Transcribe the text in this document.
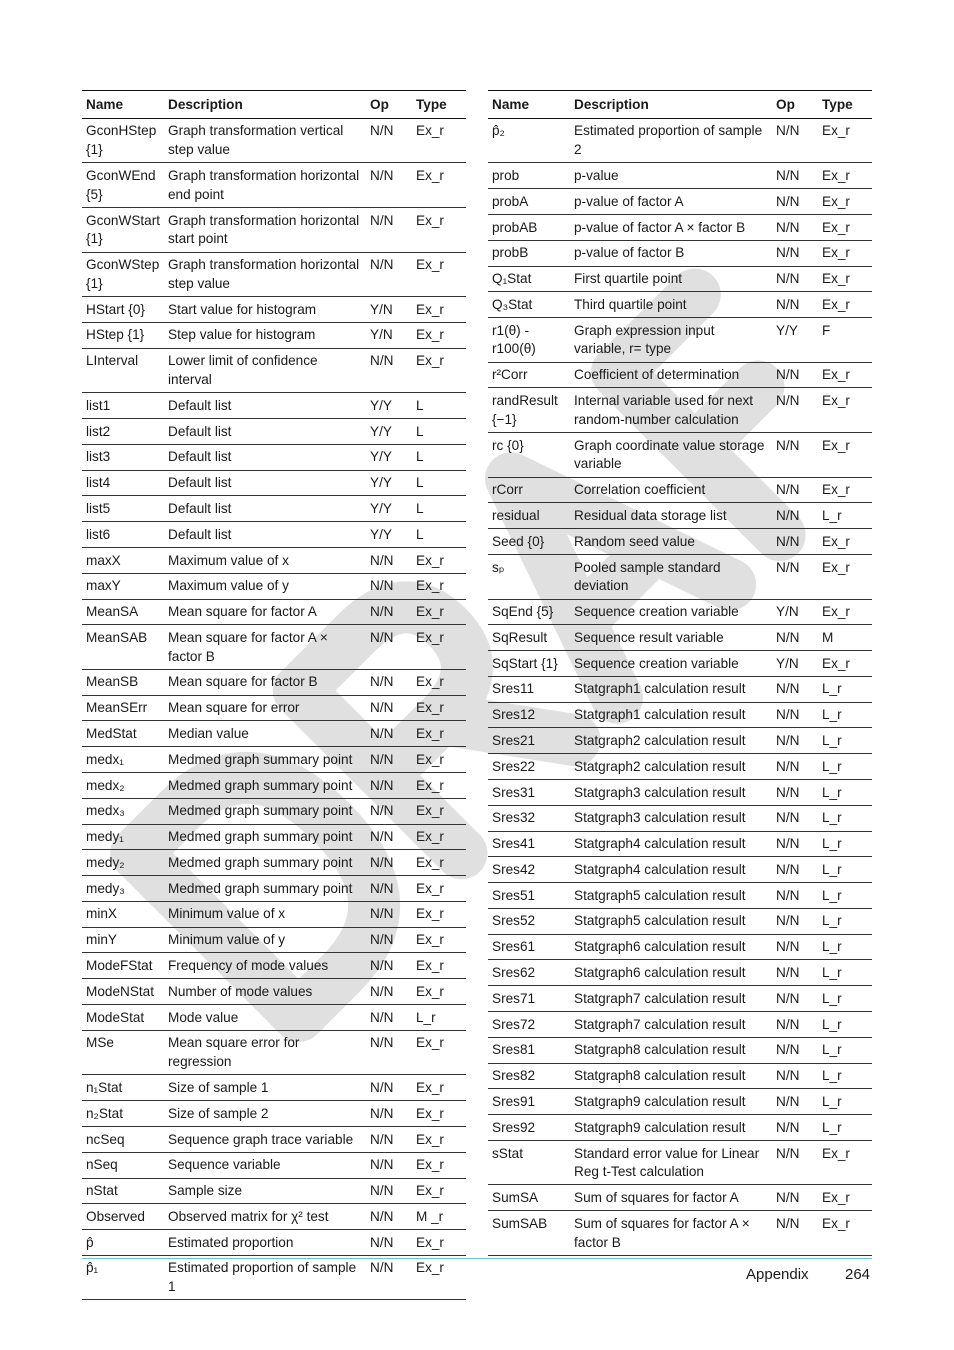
Name	Description	Op	Type
GconHStep {1}	Graph transformation vertical step value	N/N	Ex_r
GconWEnd {5}	Graph transformation horizontal end point	N/N	Ex_r
GconWStart {1}	Graph transformation horizontal start point	N/N	Ex_r
GconWStep {1}	Graph transformation horizontal step value	N/N	Ex_r
HStart {0}	Start value for histogram	Y/N	Ex_r
HStep {1}	Step value for histogram	Y/N	Ex_r
LInterval	Lower limit of confidence interval	N/N	Ex_r
list1	Default list	Y/Y	L
list2	Default list	Y/Y	L
list3	Default list	Y/Y	L
list4	Default list	Y/Y	L
list5	Default list	Y/Y	L
list6	Default list	Y/Y	L
maxX	Maximum value of x	N/N	Ex_r
maxY	Maximum value of y	N/N	Ex_r
MeanSA	Mean square for factor A	N/N	Ex_r
MeanSAB	Mean square for factor A × factor B	N/N	Ex_r
MeanSB	Mean square for factor B	N/N	Ex_r
MeanSErr	Mean square for error	N/N	Ex_r
MedStat	Median value	N/N	Ex_r
medx₁	Medmed graph summary point	N/N	Ex_r
medx₂	Medmed graph summary point	N/N	Ex_r
medx₃	Medmed graph summary point	N/N	Ex_r
medy₁	Medmed graph summary point	N/N	Ex_r
medy₂	Medmed graph summary point	N/N	Ex_r
medy₃	Medmed graph summary point	N/N	Ex_r
minX	Minimum value of x	N/N	Ex_r
minY	Minimum value of y	N/N	Ex_r
ModeFStat	Frequency of mode values	N/N	Ex_r
ModeNStat	Number of mode values	N/N	Ex_r
ModeStat	Mode value	N/N	L_r
MSe	Mean square error for regression	N/N	Ex_r
n₁Stat	Size of sample 1	N/N	Ex_r
n₂Stat	Size of sample 2	N/N	Ex_r
ncSeq	Sequence graph trace variable	N/N	Ex_r
nSeq	Sequence variable	N/N	Ex_r
nStat	Sample size	N/N	Ex_r
Observed	Observed matrix for χ² test	N/N	M _r
p̂	Estimated proportion	N/N	Ex_r
p̂₁	Estimated proportion of sample 1	N/N	Ex_r
Name	Description	Op	Type
p̂₂	Estimated proportion of sample 2	N/N	Ex_r
prob	p-value	N/N	Ex_r
probA	p-value of factor A	N/N	Ex_r
probAB	p-value of factor A × factor B	N/N	Ex_r
probB	p-value of factor B	N/N	Ex_r
Q₁Stat	First quartile point	N/N	Ex_r
Q₃Stat	Third quartile point	N/N	Ex_r
r1(θ) - r100(θ)	Graph expression input variable, r= type	Y/Y	F
r²Corr	Coefficient of determination	N/N	Ex_r
randResult {−1}	Internal variable used for next random-number calculation	N/N	Ex_r
rc {0}	Graph coordinate value storage variable	N/N	Ex_r
rCorr	Correlation coefficient	N/N	Ex_r
residual	Residual data storage list	N/N	L_r
Seed {0}	Random seed value	N/N	Ex_r
sₚ	Pooled sample standard deviation	N/N	Ex_r
SqEnd {5}	Sequence creation variable	Y/N	Ex_r
SqResult	Sequence result variable	N/N	M
SqStart {1}	Sequence creation variable	Y/N	Ex_r
Sres11	Statgraph1 calculation result	N/N	L_r
Sres12	Statgraph1 calculation result	N/N	L_r
Sres21	Statgraph2 calculation result	N/N	L_r
Sres22	Statgraph2 calculation result	N/N	L_r
Sres31	Statgraph3 calculation result	N/N	L_r
Sres32	Statgraph3 calculation result	N/N	L_r
Sres41	Statgraph4 calculation result	N/N	L_r
Sres42	Statgraph4 calculation result	N/N	L_r
Sres51	Statgraph5 calculation result	N/N	L_r
Sres52	Statgraph5 calculation result	N/N	L_r
Sres61	Statgraph6 calculation result	N/N	L_r
Sres62	Statgraph6 calculation result	N/N	L_r
Sres71	Statgraph7 calculation result	N/N	L_r
Sres72	Statgraph7 calculation result	N/N	L_r
Sres81	Statgraph8 calculation result	N/N	L_r
Sres82	Statgraph8 calculation result	N/N	L_r
Sres91	Statgraph9 calculation result	N/N	L_r
Sres92	Statgraph9 calculation result	N/N	L_r
sStat	Standard error value for Linear Reg t-Test calculation	N/N	Ex_r
SumSA	Sum of squares for factor A	N/N	Ex_r
SumSAB	Sum of squares for factor A × factor B	N/N	Ex_r
Appendix 264
